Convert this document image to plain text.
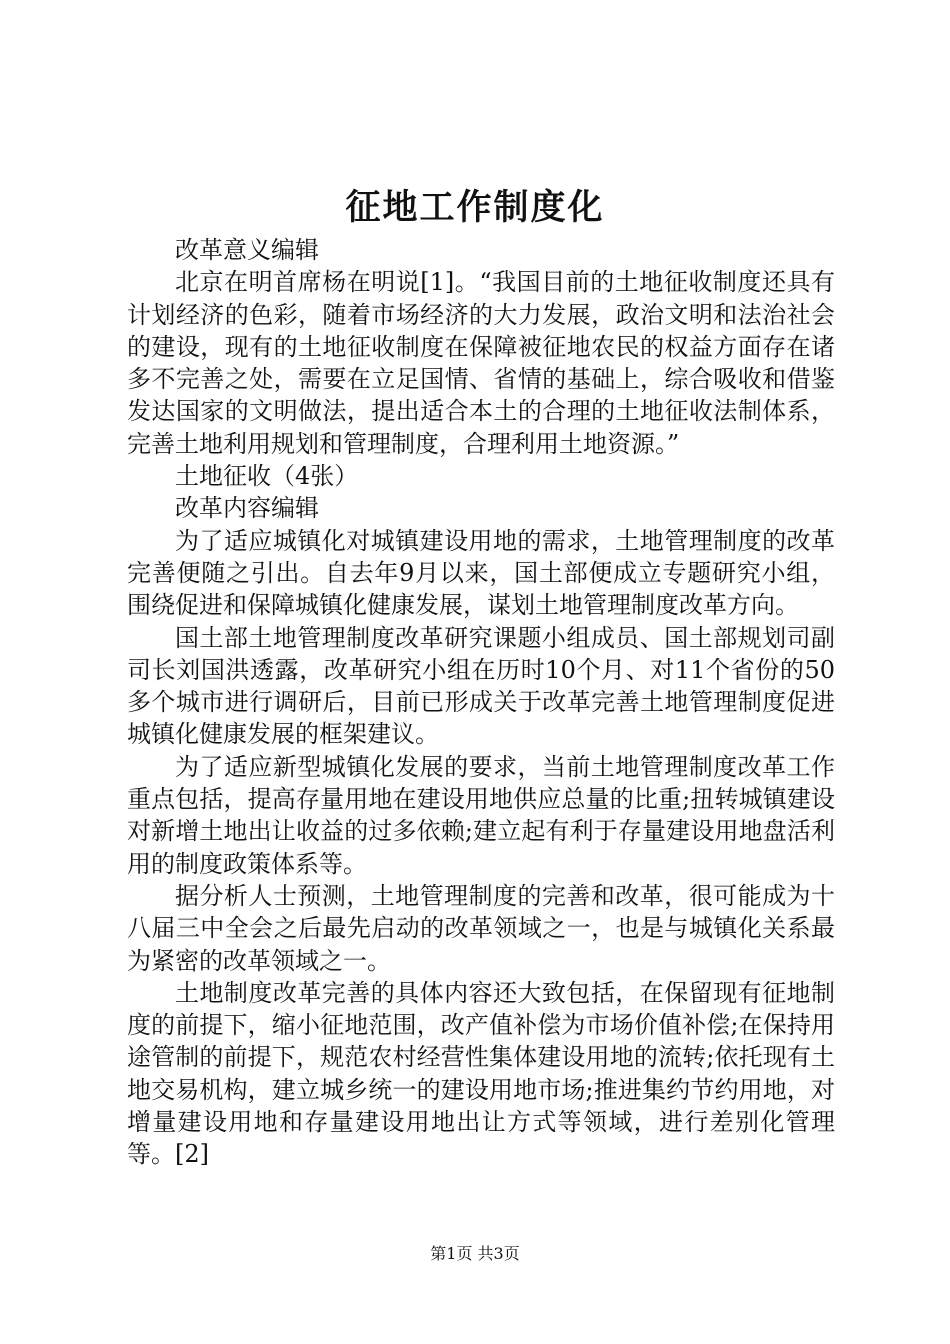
征地工作制度化

改革意义编辑

北京在明首席杨在明说[1]。“我国目前的土地征收制度还具有计划经济的色彩，随着市场经济的大力发展，政治文明和法治社会的建设，现有的土地征收制度在保障被征地农民的权益方面存在诸多不完善之处，需要在立足国情、省情的基础上，综合吸收和借鉴发达国家的文明做法，提出适合本土的合理的土地征收法制体系，完善土地利用规划和管理制度，合理利用土地资源。”

土地征收（4张）

改革内容编辑

为了适应城镇化对城镇建设用地的需求，土地管理制度的改革完善便随之引出。自去年9月以来，国土部便成立专题研究小组，围绕促进和保障城镇化健康发展，谋划土地管理制度改革方向。

国土部土地管理制度改革研究课题小组成员、国土部规划司副司长刘国洪透露，改革研究小组在历时10个月、对11个省份的50多个城市进行调研后，目前已形成关于改革完善土地管理制度促进城镇化健康发展的框架建议。

为了适应新型城镇化发展的要求，当前土地管理制度改革工作重点包括，提高存量用地在建设用地供应总量的比重;扭转城镇建设对新增土地出让收益的过多依赖;建立起有利于存量建设用地盘活利用的制度政策体系等。

据分析人士预测，土地管理制度的完善和改革，很可能成为十八届三中全会之后最先启动的改革领域之一，也是与城镇化关系最为紧密的改革领域之一。

土地制度改革完善的具体内容还大致包括，在保留现有征地制度的前提下，缩小征地范围，改产值补偿为市场价值补偿;在保持用途管制的前提下，规范农村经营性集体建设用地的流转;依托现有土地交易机构，建立城乡统一的建设用地市场;推进集约节约用地，对增量建设用地和存量建设用地出让方式等领域，进行差别化管理等。[2]

第1页 共3页
